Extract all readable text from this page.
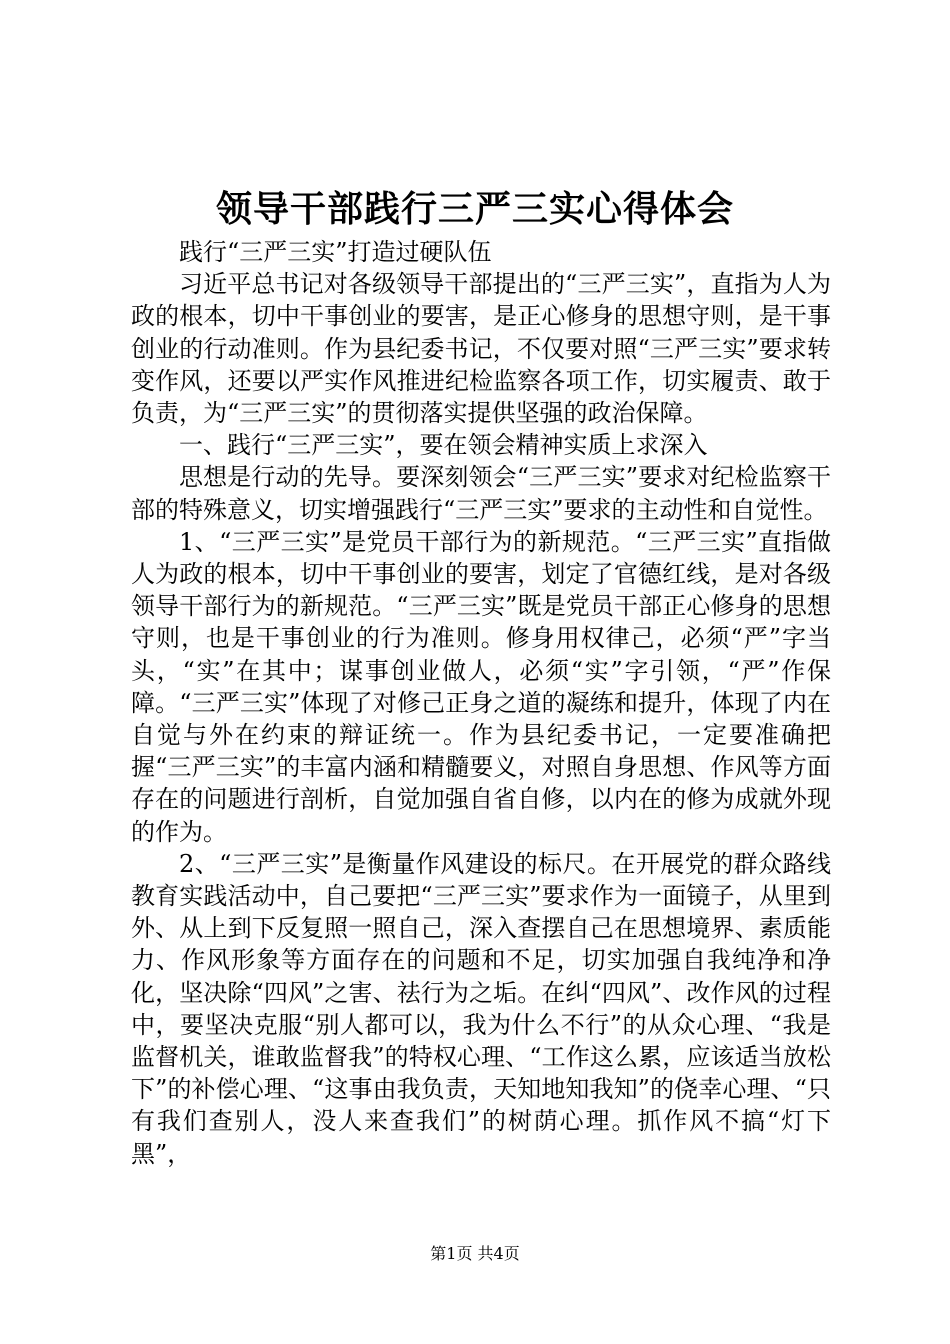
领导干部践行三严三实心得体会

践行“三严三实”打造过硬队伍

习近平总书记对各级领导干部提出的“三严三实”，直指为人为政的根本，切中干事创业的要害，是正心修身的思想守则，是干事创业的行动准则。作为县纪委书记，不仅要对照“三严三实”要求转变作风，还要以严实作风推进纪检监察各项工作，切实履责、敢于负责，为“三严三实”的贯彻落实提供坚强的政治保障。

一、践行“三严三实”，要在领会精神实质上求深入

思想是行动的先导。要深刻领会“三严三实”要求对纪检监察干部的特殊意义，切实增强践行“三严三实”要求的主动性和自觉性。

1、“三严三实”是党员干部行为的新规范。“三严三实”直指做人为政的根本，切中干事创业的要害，划定了官德红线，是对各级领导干部行为的新规范。“三严三实”既是党员干部正心修身的思想守则，也是干事创业的行为准则。修身用权律己，必须“严”字当头，“实”在其中；谋事创业做人，必须“实”字引领，“严”作保障。“三严三实”体现了对修己正身之道的凝练和提升，体现了内在自觉与外在约束的辩证统一。作为县纪委书记，一定要准确把握“三严三实”的丰富内涵和精髓要义，对照自身思想、作风等方面存在的问题进行剖析，自觉加强自省自修，以内在的修为成就外现的作为。

2、“三严三实”是衡量作风建设的标尺。在开展党的群众路线教育实践活动中，自己要把“三严三实”要求作为一面镜子，从里到外、从上到下反复照一照自己，深入查摆自己在思想境界、素质能力、作风形象等方面存在的问题和不足，切实加强自我纯净和净化，坚决除“四风”之害、祛行为之垢。在纠“四风”、改作风的过程中，要坚决克服“别人都可以，我为什么不行”的从众心理、“我是监督机关，谁敢监督我”的特权心理、“工作这么累，应该适当放松下”的补偿心理、“这事由我负责，天知地知我知”的侥幸心理、“只有我们查别人，没人来查我们”的树荫心理。抓作风不搞“灯下黑”，

第1页 共4页
